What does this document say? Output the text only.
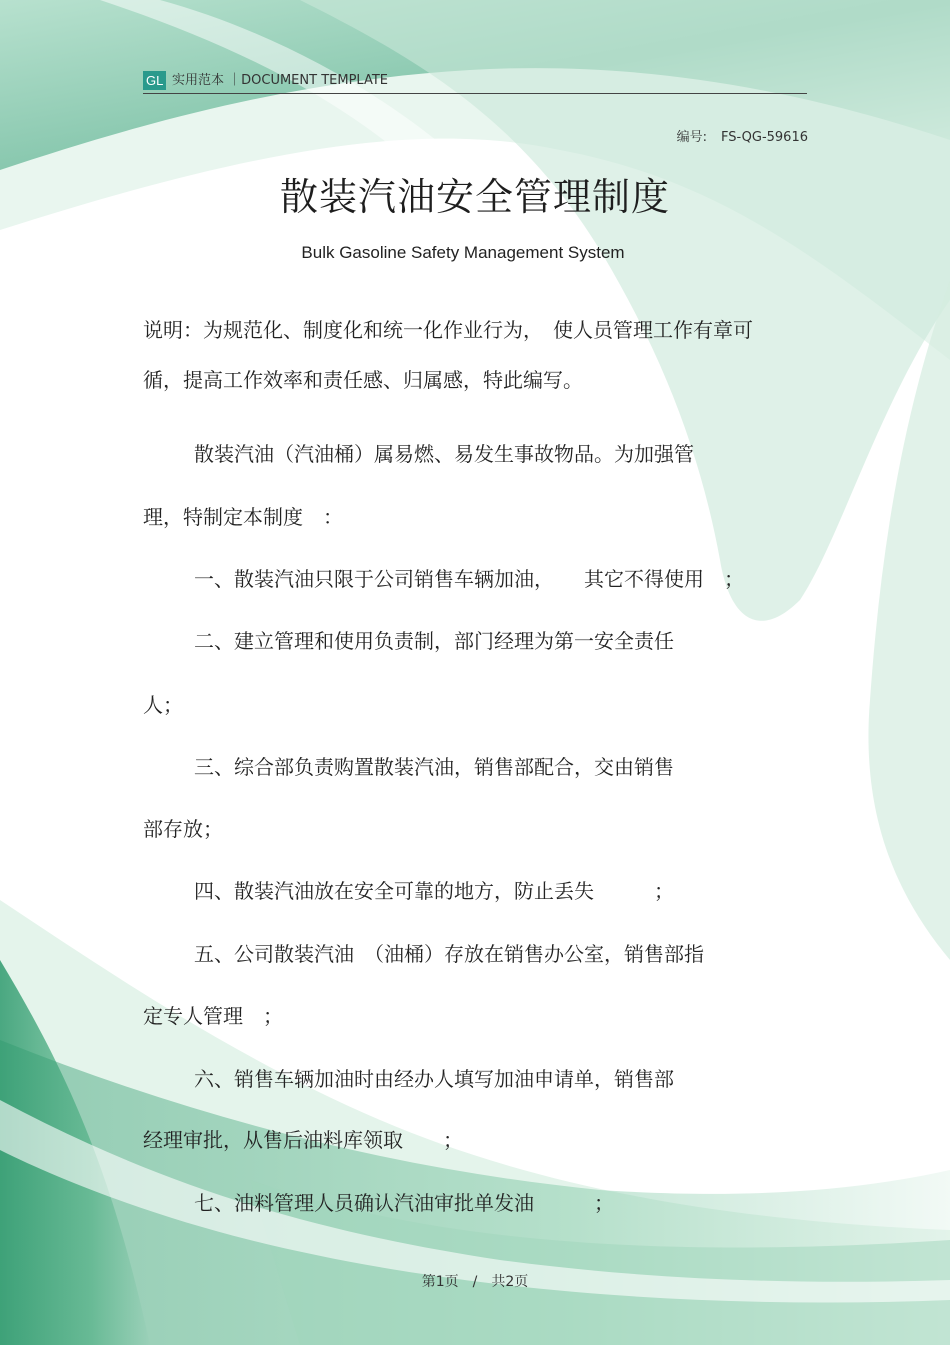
GL 实用范本 ｜DOCUMENT TEMPLATE
编号: FS-QG-59616
散装汽油安全管理制度
Bulk Gasoline Safety Management System
说明：为规范化、制度化和统一化作业行为，　使人员管理工作有章可
循，提高工作效率和责任感、归属感，特此编写。
散装汽油（汽油桶）属易燃、易发生事故物品。为加强管
理，特制定本制度　：
一、散装汽油只限于公司销售车辆加油，　　其它不得使用　；
二、建立管理和使用负责制，部门经理为第一安全责任
人；
三、综合部负责购置散装汽油，销售部配合，交由销售
部存放；
四、散装汽油放在安全可靠的地方，防止丢失　　　；
五、公司散装汽油　（油桶）存放在销售办公室，销售部指
定专人管理　；
六、销售车辆加油时由经办人填写加油申请单，销售部
经理审批，从售后油料库领取　　；
七、油料管理人员确认汽油审批单发油　　　；
第1页　/　共2页
